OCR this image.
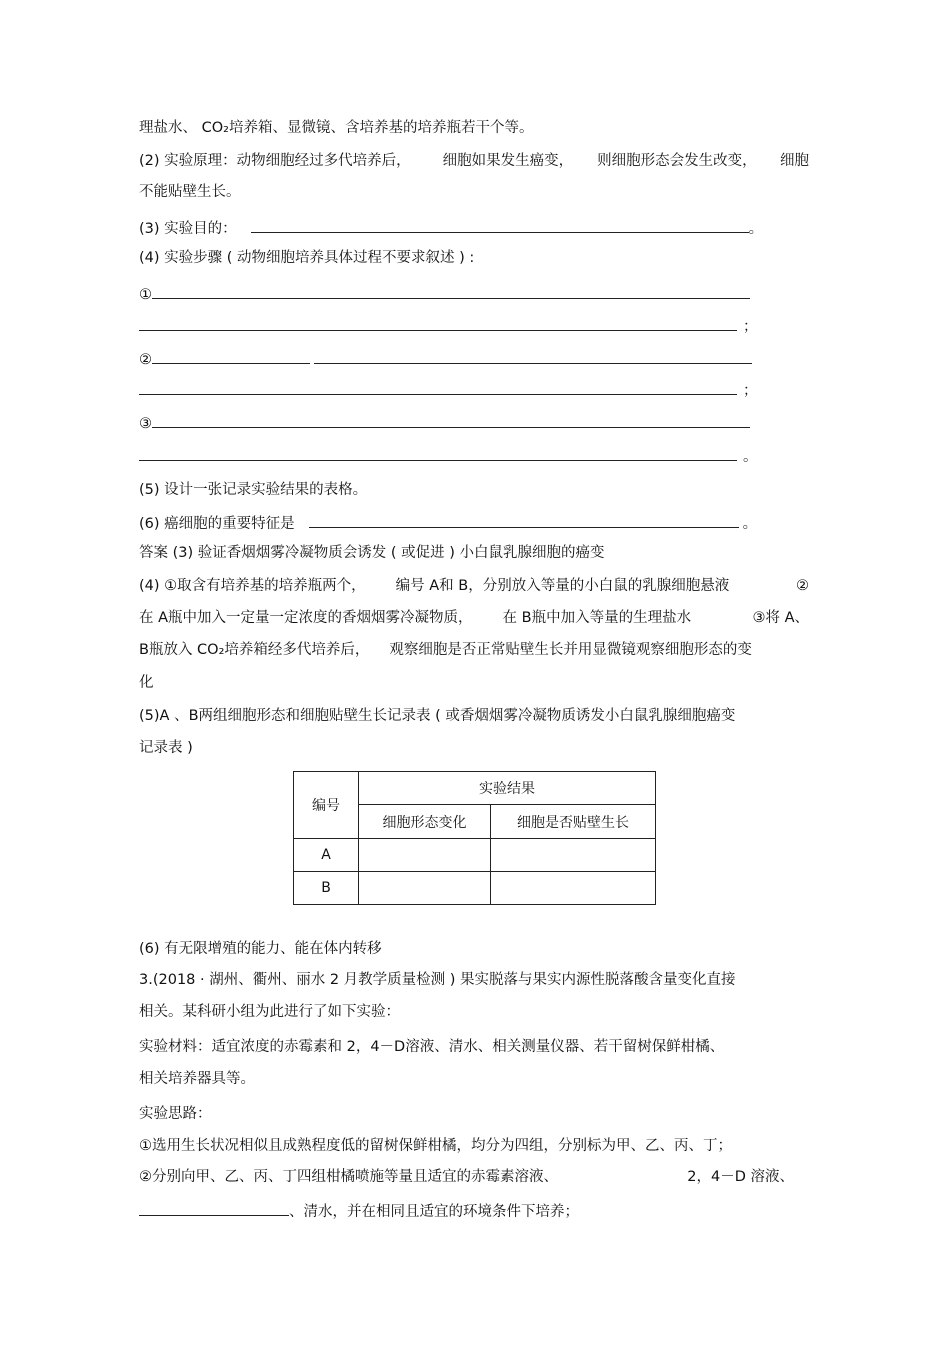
理盐水、 CO₂培养箱、显微镜、含培养基的培养瓶若干个等。
(2) 实验原理：动物细胞经过多代培养后， 细胞如果发生癌变， 则细胞形态会发生改变， 细胞
不能贴壁生长。
(3) 实验目的：	。
(4) 实验步骤 ( 动物细胞培养具体过程不要求叙述 ) :
①
；
②
；
③
。
(5) 设计一张记录实验结果的表格。
(6) 癌细胞的重要特征是	。
答案 (3) 验证香烟烟雾冷凝物质会诱发 ( 或促进 ) 小白鼠乳腺细胞的癌变
(4) ①取含有培养基的培养瓶两个， 编号 A和 B，分别放入等量的小白鼠的乳腺细胞悬液	②
在 A瓶中加入一定量一定浓度的香烟烟雾冷凝物质， 在 B瓶中加入等量的生理盐水	③将 A、
B瓶放入 CO₂培养箱经多代培养后， 观察细胞是否正常贴壁生长并用显微镜观察细胞形态的变
化
(5)A 、B两组细胞形态和细胞贴壁生长记录表 ( 或香烟烟雾冷凝物质诱发小白鼠乳腺细胞癌变
记录表 )
编号	实验结果	
	细胞形态变化	细胞是否贴壁生长
A		
B		
(6) 有无限增殖的能力、能在体内转移
3.(2018 · 湖州、衢州、丽水 2 月教学质量检测 ) 果实脱落与果实内源性脱落酸含量变化直接
相关。某科研小组为此进行了如下实验：
实验材料：适宜浓度的赤霉素和 2，4－D溶液、清水、相关测量仪器、若干留树保鲜柑橘、
相关培养器具等。
实验思路：
①选用生长状况相似且成熟程度低的留树保鲜柑橘，均分为四组，分别标为甲、乙、丙、丁；
②分别向甲、乙、丙、丁四组柑橘喷施等量且适宜的赤霉素溶液、	2，4－D 溶液、
、清水，并在相同且适宜的环境条件下培养；
